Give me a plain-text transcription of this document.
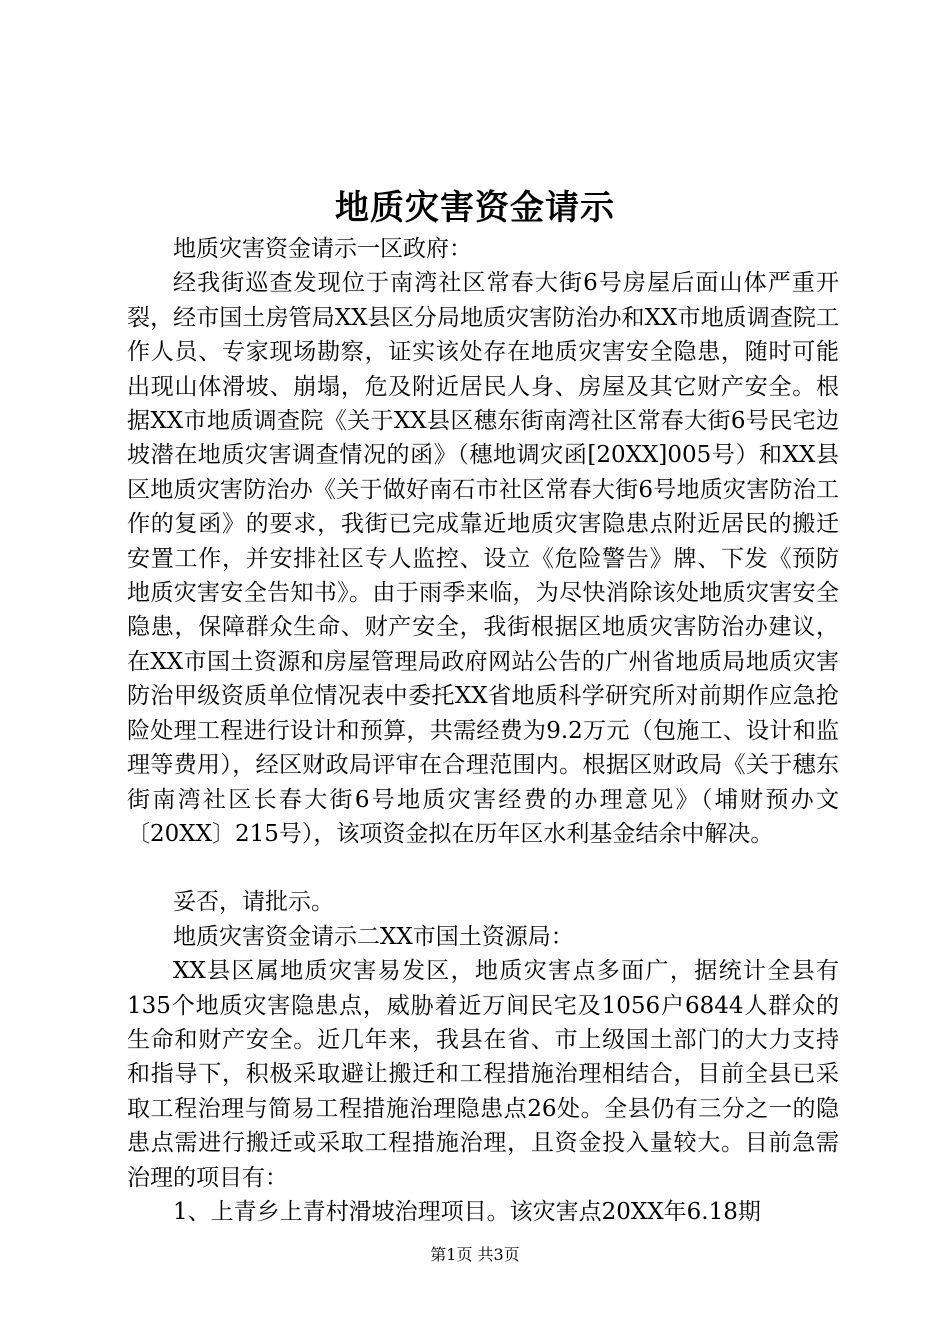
地质灾害资金请示

地质灾害资金请示一区政府：

经我街巡查发现位于南湾社区常春大街6号房屋后面山体严重开裂，经市国土房管局XX县区分局地质灾害防治办和XX市地质调查院工作人员、专家现场勘察，证实该处存在地质灾害安全隐患，随时可能出现山体滑坡、崩塌，危及附近居民人身、房屋及其它财产安全。根据XX市地质调查院《关于XX县区穗东街南湾社区常春大街6号民宅边坡潜在地质灾害调查情况的函》（穗地调灾函[20XX]005号）和XX县区地质灾害防治办《关于做好南石市社区常春大街6号地质灾害防治工作的复函》的要求，我街已完成靠近地质灾害隐患点附近居民的搬迁安置工作，并安排社区专人监控、设立《危险警告》牌、下发《预防地质灾害安全告知书》。由于雨季来临，为尽快消除该处地质灾害安全隐患，保障群众生命、财产安全，我街根据区地质灾害防治办建议，在XX市国土资源和房屋管理局政府网站公告的广州省地质局地质灾害防治甲级资质单位情况表中委托XX省地质科学研究所对前期作应急抢险处理工程进行设计和预算，共需经费为9.2万元（包施工、设计和监理等费用），经区财政局评审在合理范围内。根据区财政局《关于穗东街南湾社区长春大街6号地质灾害经费的办理意见》（埔财预办文〔20XX〕215号），该项资金拟在历年区水利基金结余中解决。

妥否，请批示。

地质灾害资金请示二XX市国土资源局：

XX县区属地质灾害易发区，地质灾害点多面广，据统计全县有135个地质灾害隐患点，威胁着近万间民宅及1056户6844人群众的生命和财产安全。近几年来，我县在省、市上级国土部门的大力支持和指导下，积极采取避让搬迁和工程措施治理相结合，目前全县已采取工程治理与简易工程措施治理隐患点26处。全县仍有三分之一的隐患点需进行搬迁或采取工程措施治理，且资金投入量较大。目前急需治理的项目有：

1、上青乡上青村滑坡治理项目。该灾害点20XX年6.18期

第1页 共3页
